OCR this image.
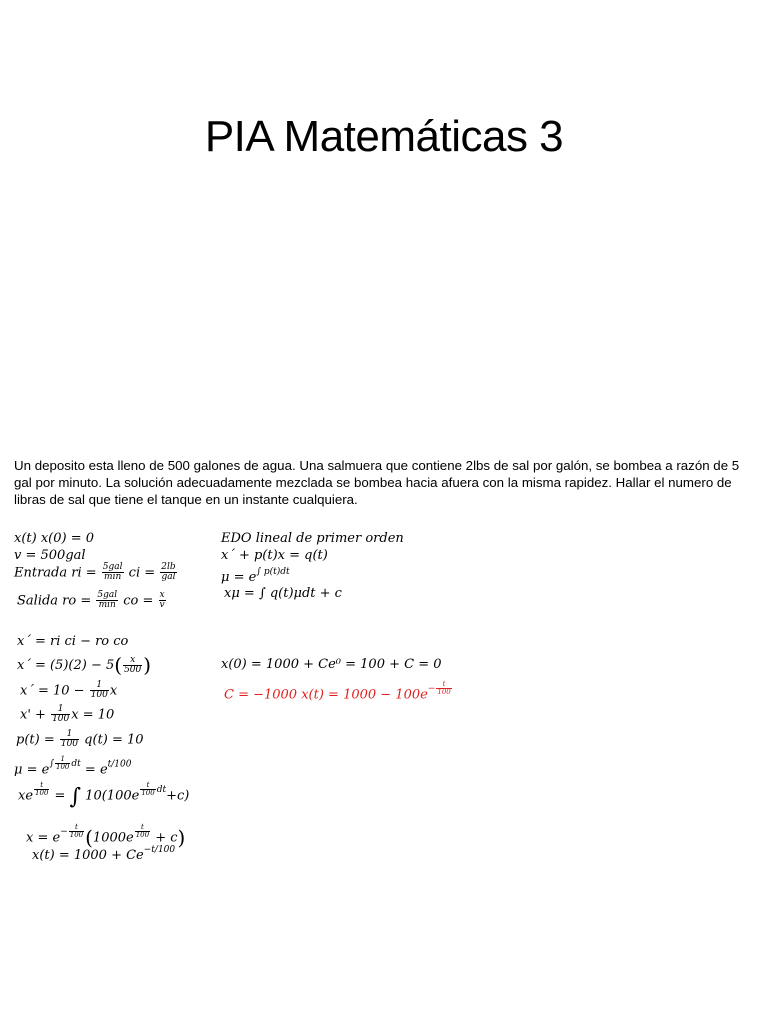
PIA Matemáticas 3
Un deposito esta lleno de 500 galones de agua. Una salmuera que contiene 2lbs de sal por galón, se bombea a razón de 5 gal por minuto. La solución adecuadamente mezclada se bombea hacia afuera con la misma rapidez. Hallar el numero de libras de sal que tiene el tanque en un instante cualquiera.
x(t) x(0) = 0
v = 500gal
Entrada ri = $\frac{\text{5gal}}{\min}$ ci = $\frac{2lb}{\text{gal}}$
Salida ro = $\frac{\text{5gal}}{\min}$ co = $\frac{x}{v}$
EDO lineal de primer orden
x´ + p(t)x = q(t)
$\mu = e^{\int p(t)dt}$
xμ = ∫ q(t)μdt + c
x´ = ri ci − ro co
x´ = $(5)(2) - 5( \frac{x}{500}$ )
x´ = $10 - \frac{1}{100}$ x
$x' + \frac{1}{100}$ x = 10
$p(t) = \frac{1}{100} q(t) = 10$
$\mu = e^{\int \frac{1}{100} dt} = e^{t/100}$
xe $^{\frac{t}{100}}$ = ∫ 10(100e $^{\frac{t}{100} dt}$+c)
$x = e^{- \frac{t}{100}}$ (1000e $^{\frac{t}{100}}$ + c)
$x(t) = 1000 + Ce^{-t/100}$
x(0) = 1000 + Ce⁰ = 100 + C = 0
C = −1000 $x(t) = 1000 - 100e^{- \frac{t}{100}}$
